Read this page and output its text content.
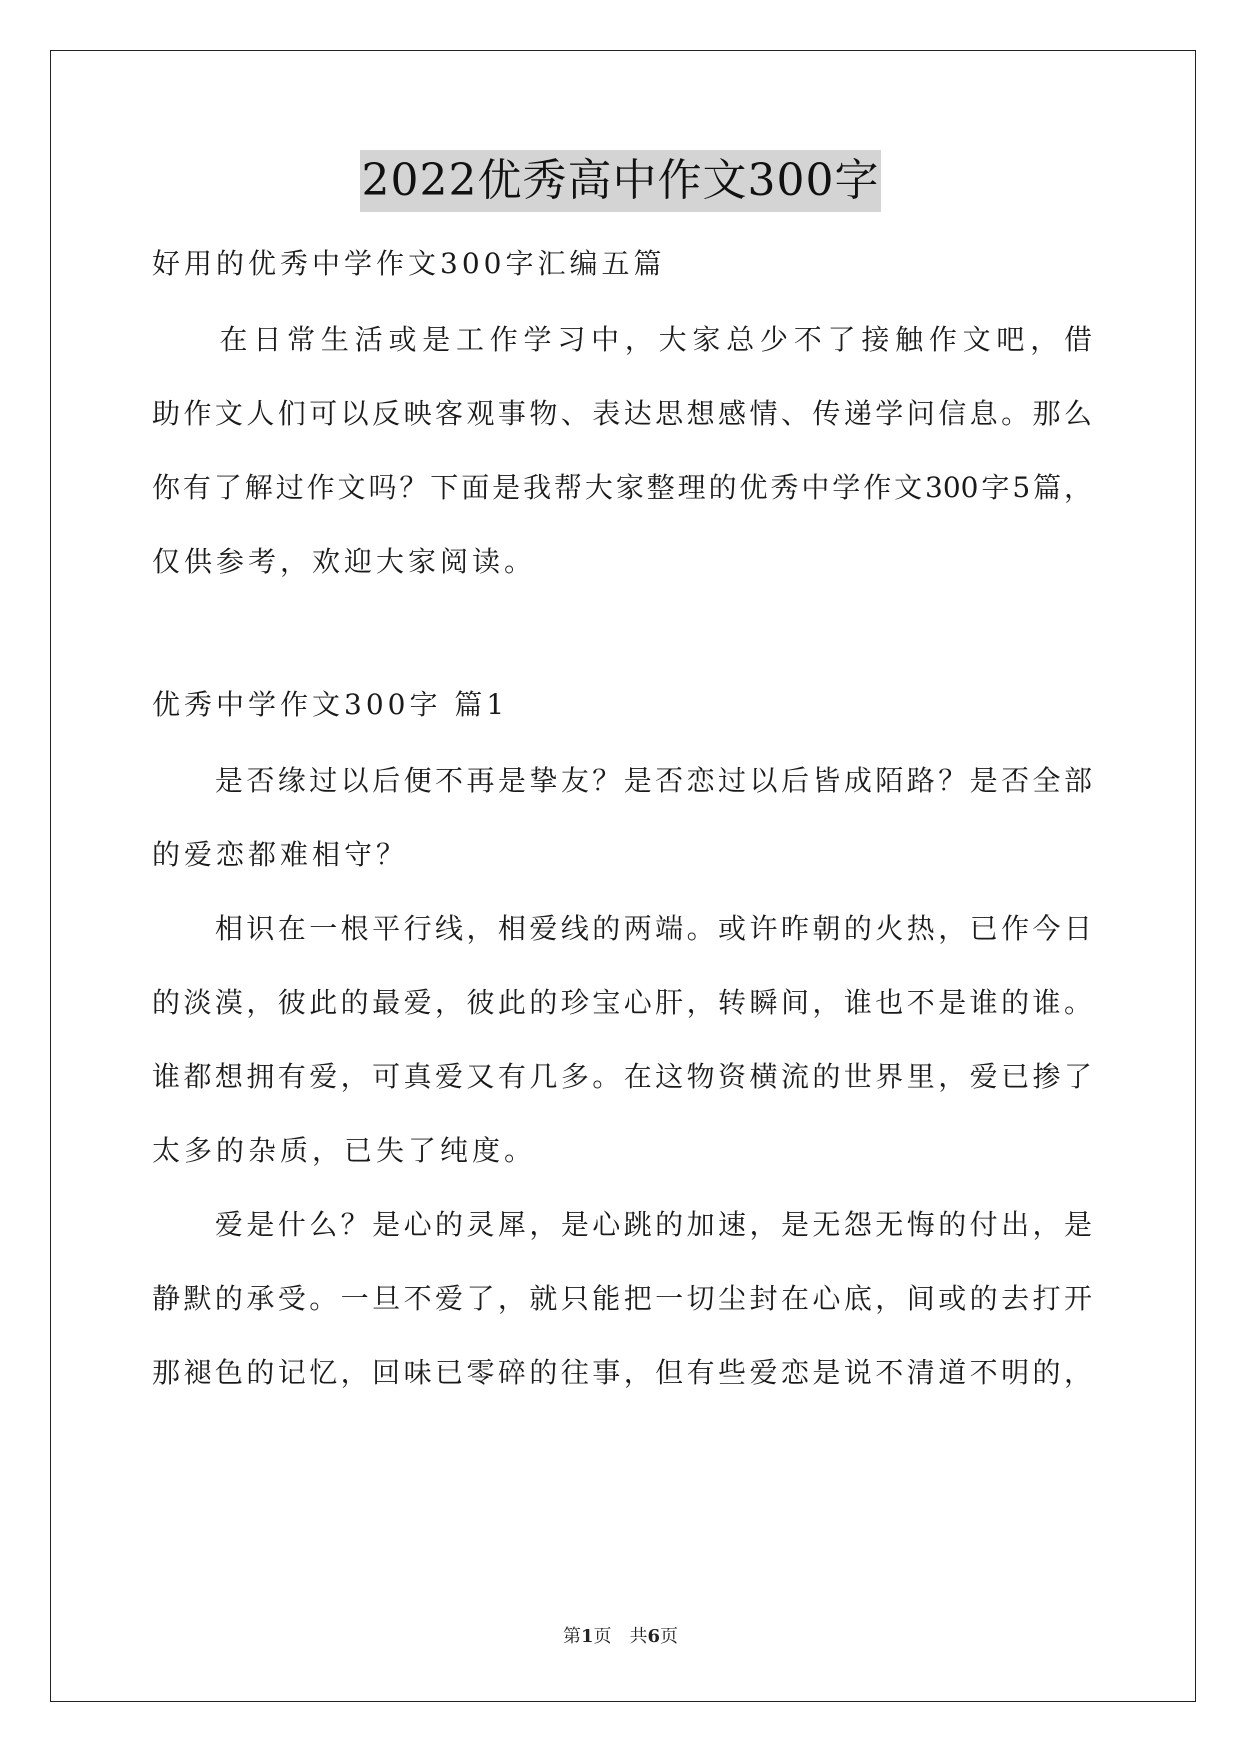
2022优秀高中作文300字
好用的优秀中学作文300字汇编五篇
　　在日常生活或是工作学习中，大家总少不了接触作文吧，借
助作文人们可以反映客观事物、表达思想感情、传递学问信息。那么
你有了解过作文吗？下面是我帮大家整理的优秀中学作文300字5篇，
仅供参考，欢迎大家阅读。
优秀中学作文300字 篇1
　　是否缘过以后便不再是挚友？是否恋过以后皆成陌路？是否全部
的爱恋都难相守？
　　相识在一根平行线，相爱线的两端。或许昨朝的火热，已作今日
的淡漠，彼此的最爱，彼此的珍宝心肝，转瞬间，谁也不是谁的谁。
谁都想拥有爱，可真爱又有几多。在这物资横流的世界里，爱已掺了
太多的杂质，已失了纯度。
　　爱是什么？是心的灵犀，是心跳的加速，是无怨无悔的付出，是
静默的承受。一旦不爱了，就只能把一切尘封在心底，间或的去打开
那褪色的记忆，回味已零碎的往事，但有些爱恋是说不清道不明的，
第1页　共6页
